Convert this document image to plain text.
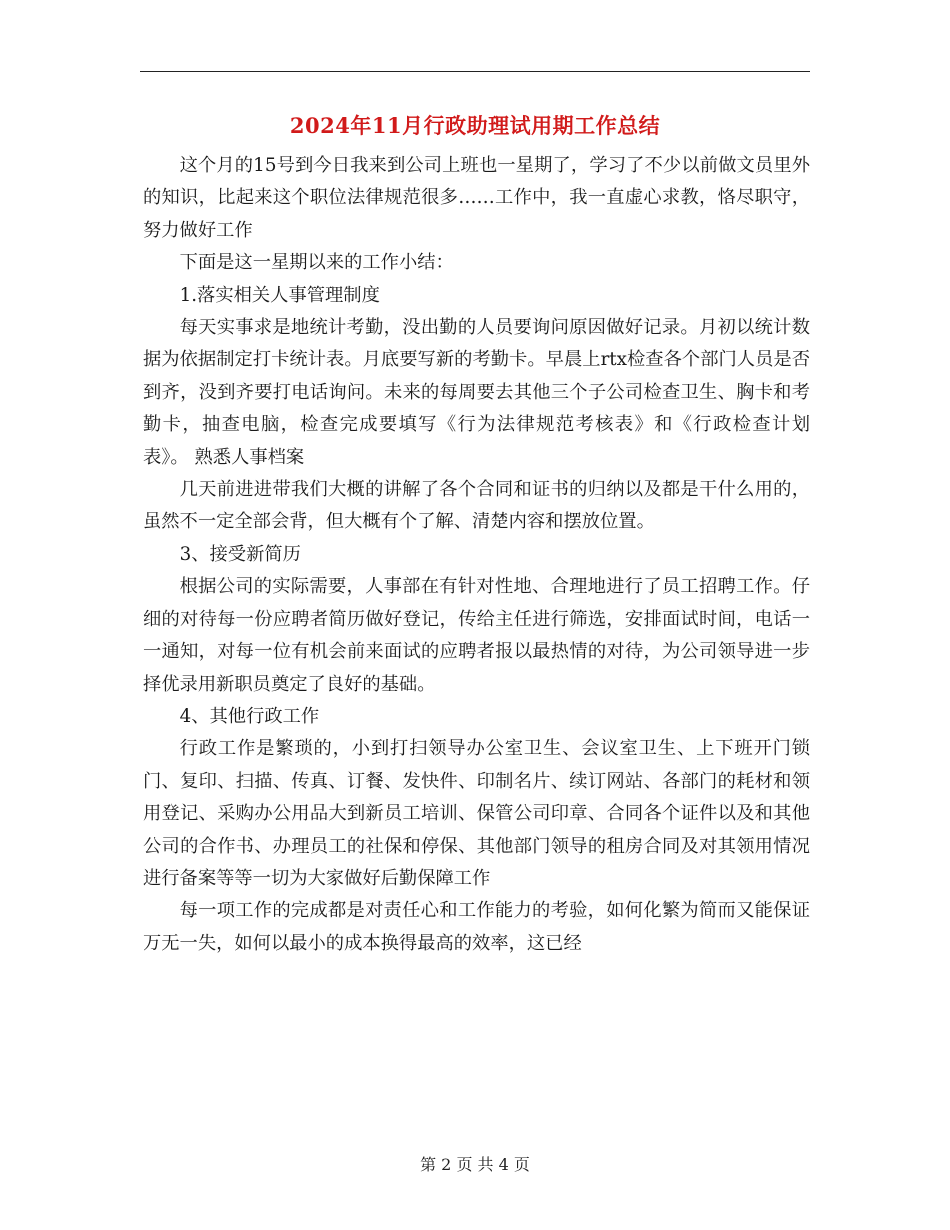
2024年11月行政助理试用期工作总结

这个月的15号到今日我来到公司上班也一星期了，学习了不少以前做文员里外的知识，比起来这个职位法律规范很多……工作中，我一直虚心求教，恪尽职守，努力做好工作

下面是这一星期以来的工作小结：

1.落实相关人事管理制度

每天实事求是地统计考勤，没出勤的人员要询问原因做好记录。月初以统计数据为依据制定打卡统计表。月底要写新的考勤卡。早晨上rtx检查各个部门人员是否到齐，没到齐要打电话询问。未来的每周要去其他三个子公司检查卫生、胸卡和考勤卡，抽查电脑，检查完成要填写《行为法律规范考核表》和《行政检查计划表》。 熟悉人事档案

几天前进进带我们大概的讲解了各个合同和证书的归纳以及都是干什么用的，虽然不一定全部会背，但大概有个了解、清楚内容和摆放位置。

3、接受新简历

根据公司的实际需要，人事部在有针对性地、合理地进行了员工招聘工作。仔细的对待每一份应聘者简历做好登记，传给主任进行筛选，安排面试时间，电话一一通知，对每一位有机会前来面试的应聘者报以最热情的对待，为公司领导进一步择优录用新职员奠定了良好的基础。

4、其他行政工作

行政工作是繁琐的，小到打扫领导办公室卫生、会议室卫生、上下班开门锁门、复印、扫描、传真、订餐、发快件、印制名片、续订网站、各部门的耗材和领用登记、采购办公用品大到新员工培训、保管公司印章、合同各个证件以及和其他公司的合作书、办理员工的社保和停保、其他部门领导的租房合同及对其领用情况进行备案等等一切为大家做好后勤保障工作

每一项工作的完成都是对责任心和工作能力的考验，如何化繁为简而又能保证万无一失，如何以最小的成本换得最高的效率，这已经

第 2 页 共 4 页
